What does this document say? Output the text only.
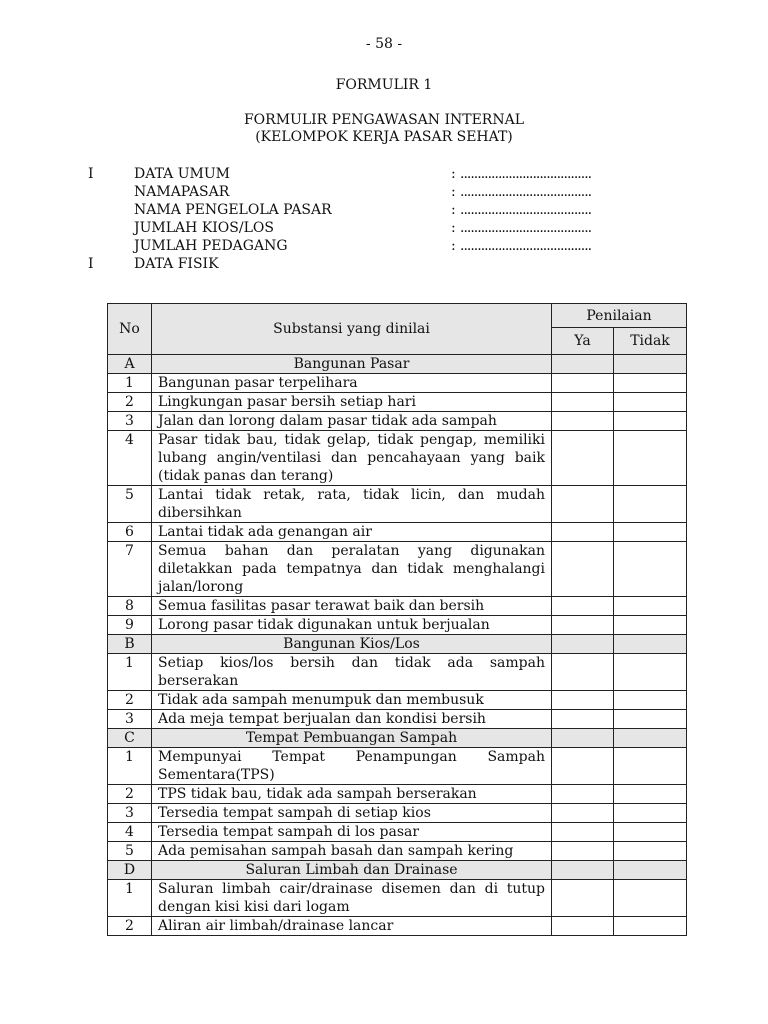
- 58 -
FORMULIR 1
FORMULIR PENGAWASAN INTERNAL
(KELOMPOK KERJA PASAR SEHAT)
I	DATA UMUM	: ......................................
NAMAPASAR	: ......................................
NAMA PENGELOLA PASAR	: ......................................
JUMLAH KIOS/LOS	: ......................................
JUMLAH PEDAGANG	: ......................................
I	DATA FISIK
No	Substansi yang dinilai	Penilaian	
		Ya	Tidak
A	Bangunan Pasar		
1	Bangunan pasar terpelihara		
2	Lingkungan pasar bersih setiap hari		
3	Jalan dan lorong dalam pasar tidak ada sampah		
4	Pasar tidak bau, tidak gelap, tidak pengap, memiliki lubang angin/ventilasi dan pencahayaan yang baik (tidak panas dan terang)		
5	Lantai tidak retak, rata, tidak licin, dan mudah dibersihkan		
6	Lantai tidak ada genangan air		
7	Semua bahan dan peralatan yang digunakan diletakkan pada tempatnya dan tidak menghalangi jalan/lorong		
8	Semua fasilitas pasar terawat baik dan bersih		
9	Lorong pasar tidak digunakan untuk berjualan		
B	Bangunan Kios/Los		
1	Setiap kios/los bersih dan tidak ada sampah berserakan		
2	Tidak ada sampah menumpuk dan membusuk		
3	Ada meja tempat berjualan dan kondisi bersih		
C	Tempat Pembuangan Sampah		
1	Mempunyai Tempat Penampungan Sampah Sementara(TPS)		
2	TPS tidak bau, tidak ada sampah berserakan		
3	Tersedia tempat sampah di setiap kios		
4	Tersedia tempat sampah di los pasar		
5	Ada pemisahan sampah basah dan sampah kering		
D	Saluran Limbah dan Drainase		
1	Saluran limbah cair/drainase disemen dan di tutup dengan kisi kisi dari logam		
2	Aliran air limbah/drainase lancar		
